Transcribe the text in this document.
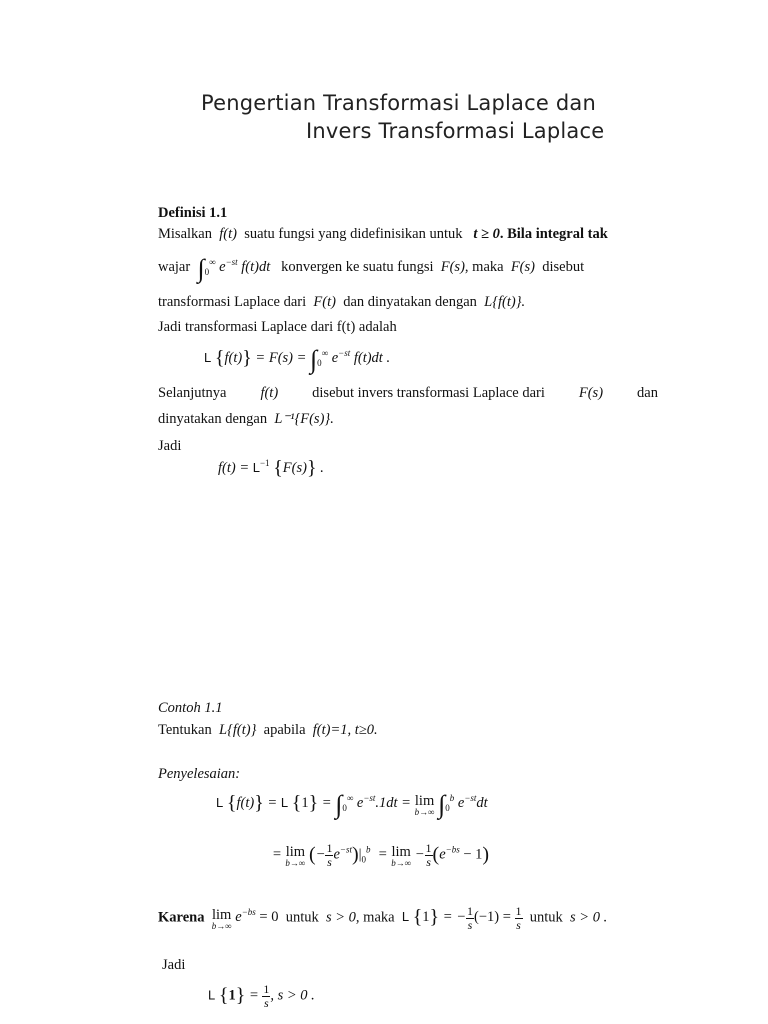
Pengertian Transformasi Laplace dan
Invers Transformasi Laplace
Definisi 1.1
Misalkan f(t) suatu fungsi yang didefinisikan untuk t ≥ 0. Bila integral tak
wajar $\int_0^\infty$ $e^{-st}$ f(t)dt konvergen ke suatu fungsi F(s), maka F(s) disebut
transformasi Laplace dari F(t) dan dinyatakan dengan L{f(t)}.
Jadi transformasi Laplace dari f(t) adalah
L $\{f(t)\} = F(s) = \int_0^\infty$ $e^{-st}$ f(t)dt .
Selanjutnya f(t) disebut invers transformasi Laplace dari F(s) dan
dinyatakan dengan L⁻¹{F(s)}.
Jadi
$f(t) = L^{-1}$ {F(s)} .
Contoh 1.1
Tentukan L{f(t)} apabila f(t)=1, t≥0.
Penyelesaian:
L {f(t)} = L $\{1\} = \int_0^\infty$ $e^{-st}.1dt = \lim$
b→∞ $\int_0^b$ $e^{-st}dt$
= lim
b→∞ (− $\frac{1}{s} e^{-st})|_0^b = \lim$
b→∞
− $\frac{1}{s} (e^{-bs} - 1)$
Karena lim
b→∞
$e^{-bs} = 0$ untuk s > 0, maka L {1} = − $\frac{1}{s} (-1) = \frac{1}{s}$ untuk s > 0 .
Jadi
L $\{1\} = \frac{1}{s}$ , s > 0 .
